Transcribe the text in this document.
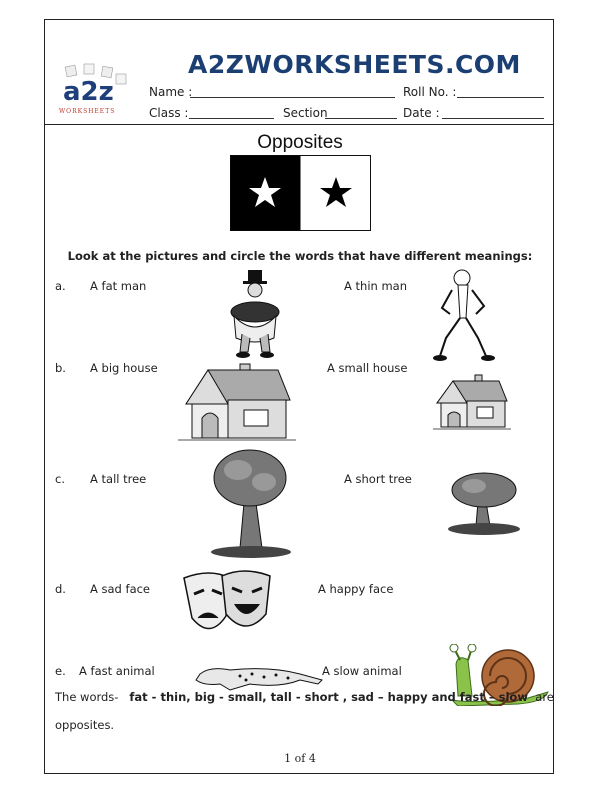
a2z
WORKSHEETS
A2ZWORKSHEETS.COM
Name :	Roll No. :
Class :	Section	Date :
Opposites
Look at the pictures and circle the words that have different meanings:
a. A fat man	A thin man
b. A big house	A small house
c. A tall tree	A short tree
d. A sad face	A happy face
e. A fast animal	A slow animal
The words- fat - thin, big - small, tall - short , sad – happy and fast – slow are
opposites.
1 of 4
